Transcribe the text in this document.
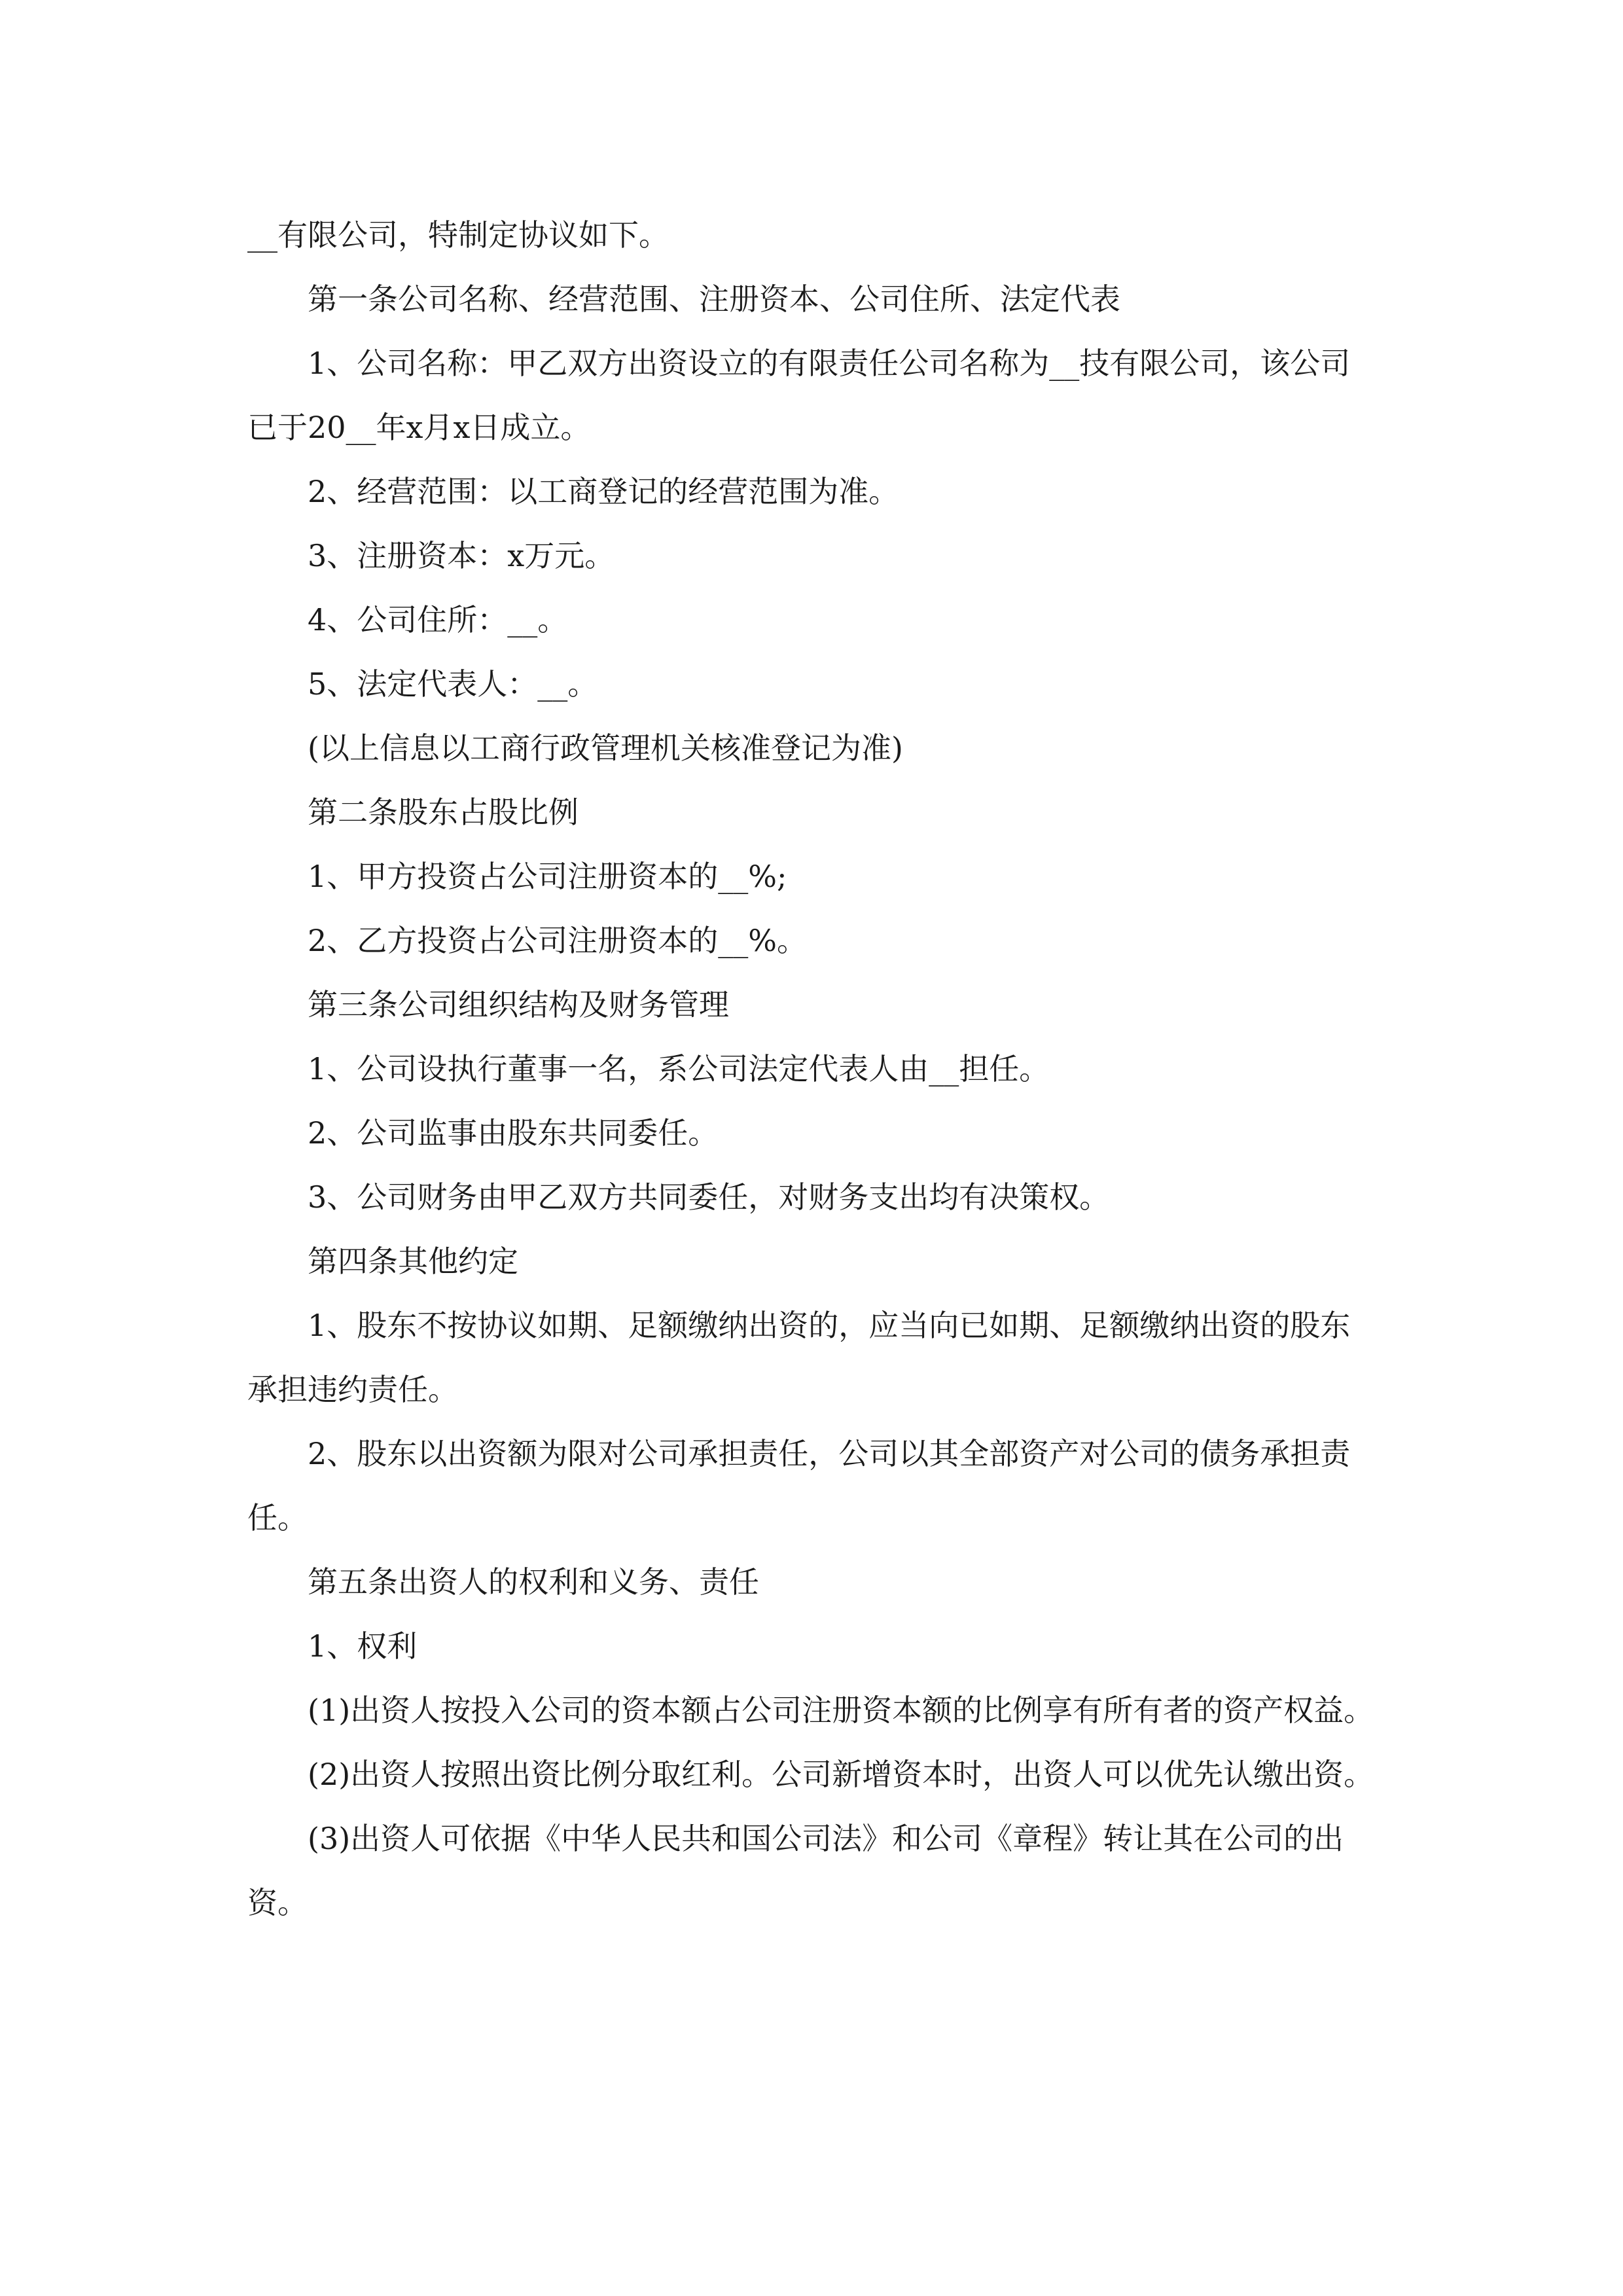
__有限公司，特制定协议如下。

第一条公司名称、经营范围、注册资本、公司住所、法定代表

1、公司名称：甲乙双方出资设立的有限责任公司名称为__技有限公司，该公司已于20__年x月x日成立。

2、经营范围：以工商登记的经营范围为准。

3、注册资本：x万元。

4、公司住所：__。

5、法定代表人：__。

(以上信息以工商行政管理机关核准登记为准)

第二条股东占股比例

1、甲方投资占公司注册资本的__%;

2、乙方投资占公司注册资本的__%。

第三条公司组织结构及财务管理

1、公司设执行董事一名，系公司法定代表人由__担任。

2、公司监事由股东共同委任。

3、公司财务由甲乙双方共同委任，对财务支出均有决策权。

第四条其他约定

1、股东不按协议如期、足额缴纳出资的，应当向已如期、足额缴纳出资的股东承担违约责任。

2、股东以出资额为限对公司承担责任，公司以其全部资产对公司的债务承担责任。

第五条出资人的权利和义务、责任

1、权利

(1)出资人按投入公司的资本额占公司注册资本额的比例享有所有者的资产权益。

(2)出资人按照出资比例分取红利。公司新增资本时，出资人可以优先认缴出资。

(3)出资人可依据《中华人民共和国公司法》和公司《章程》转让其在公司的出资。
